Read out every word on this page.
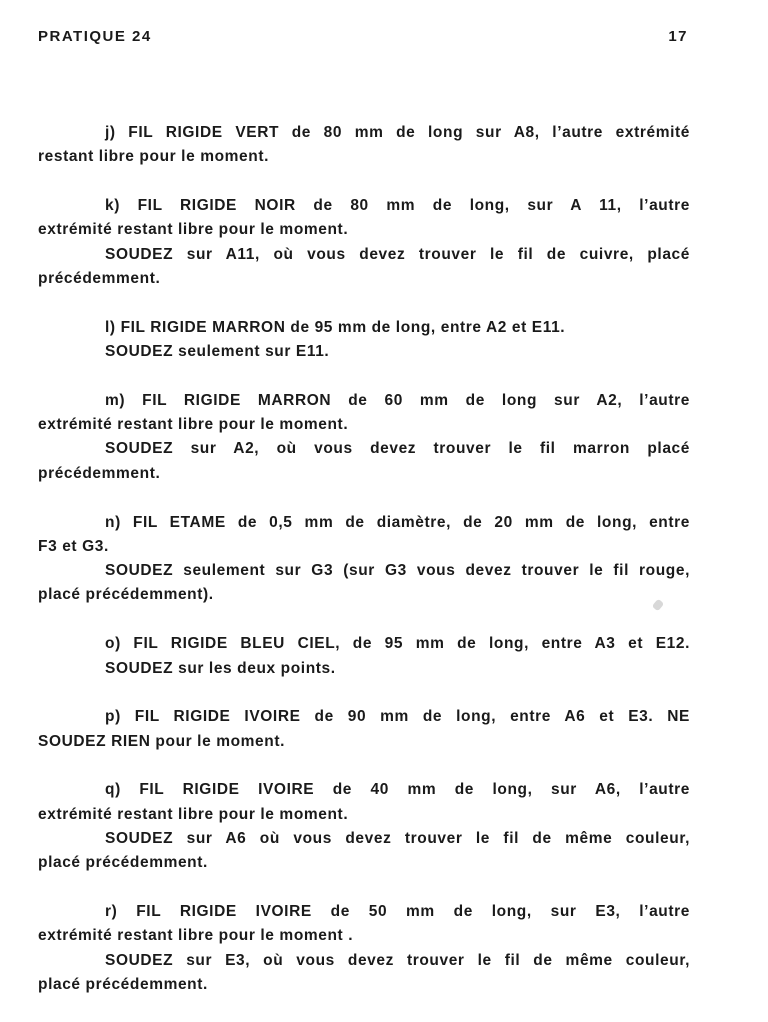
PRATIQUE 24	17
j) FIL RIGIDE VERT de 80 mm de long sur A8, l’autre extrémité
restant libre pour le moment.
k) FIL RIGIDE NOIR de 80 mm de long, sur A 11, l’autre
extrémité restant libre pour le moment.
SOUDEZ sur A11, où vous devez trouver le fil de cuivre, placé
précédemment.
l) FIL RIGIDE MARRON de 95 mm de long, entre A2 et E11.
SOUDEZ seulement sur E11.
m) FIL RIGIDE MARRON de 60 mm de long sur A2, l’autre
extrémité restant libre pour le moment.
SOUDEZ sur A2, où vous devez trouver le fil marron placé
précédemment.
n) FIL ETAME de 0,5 mm de diamètre, de 20 mm de long, entre
F3 et G3.
SOUDEZ seulement sur G3 (sur G3 vous devez trouver le fil rouge,
placé précédemment).
o) FIL RIGIDE BLEU CIEL, de 95 mm de long, entre A3 et E12.
SOUDEZ sur les deux points.
p) FIL RIGIDE IVOIRE de 90 mm de long, entre A6 et E3. NE
SOUDEZ RIEN pour le moment.
q) FIL RIGIDE IVOIRE de 40 mm de long, sur A6, l’autre
extrémité restant libre pour le moment.
SOUDEZ sur A6 où vous devez trouver le fil de même couleur,
placé précédemment.
r) FIL RIGIDE IVOIRE de 50 mm de long, sur E3, l’autre
extrémité restant libre pour le moment .
SOUDEZ sur E3, où vous devez trouver le fil de même couleur,
placé précédemment.
